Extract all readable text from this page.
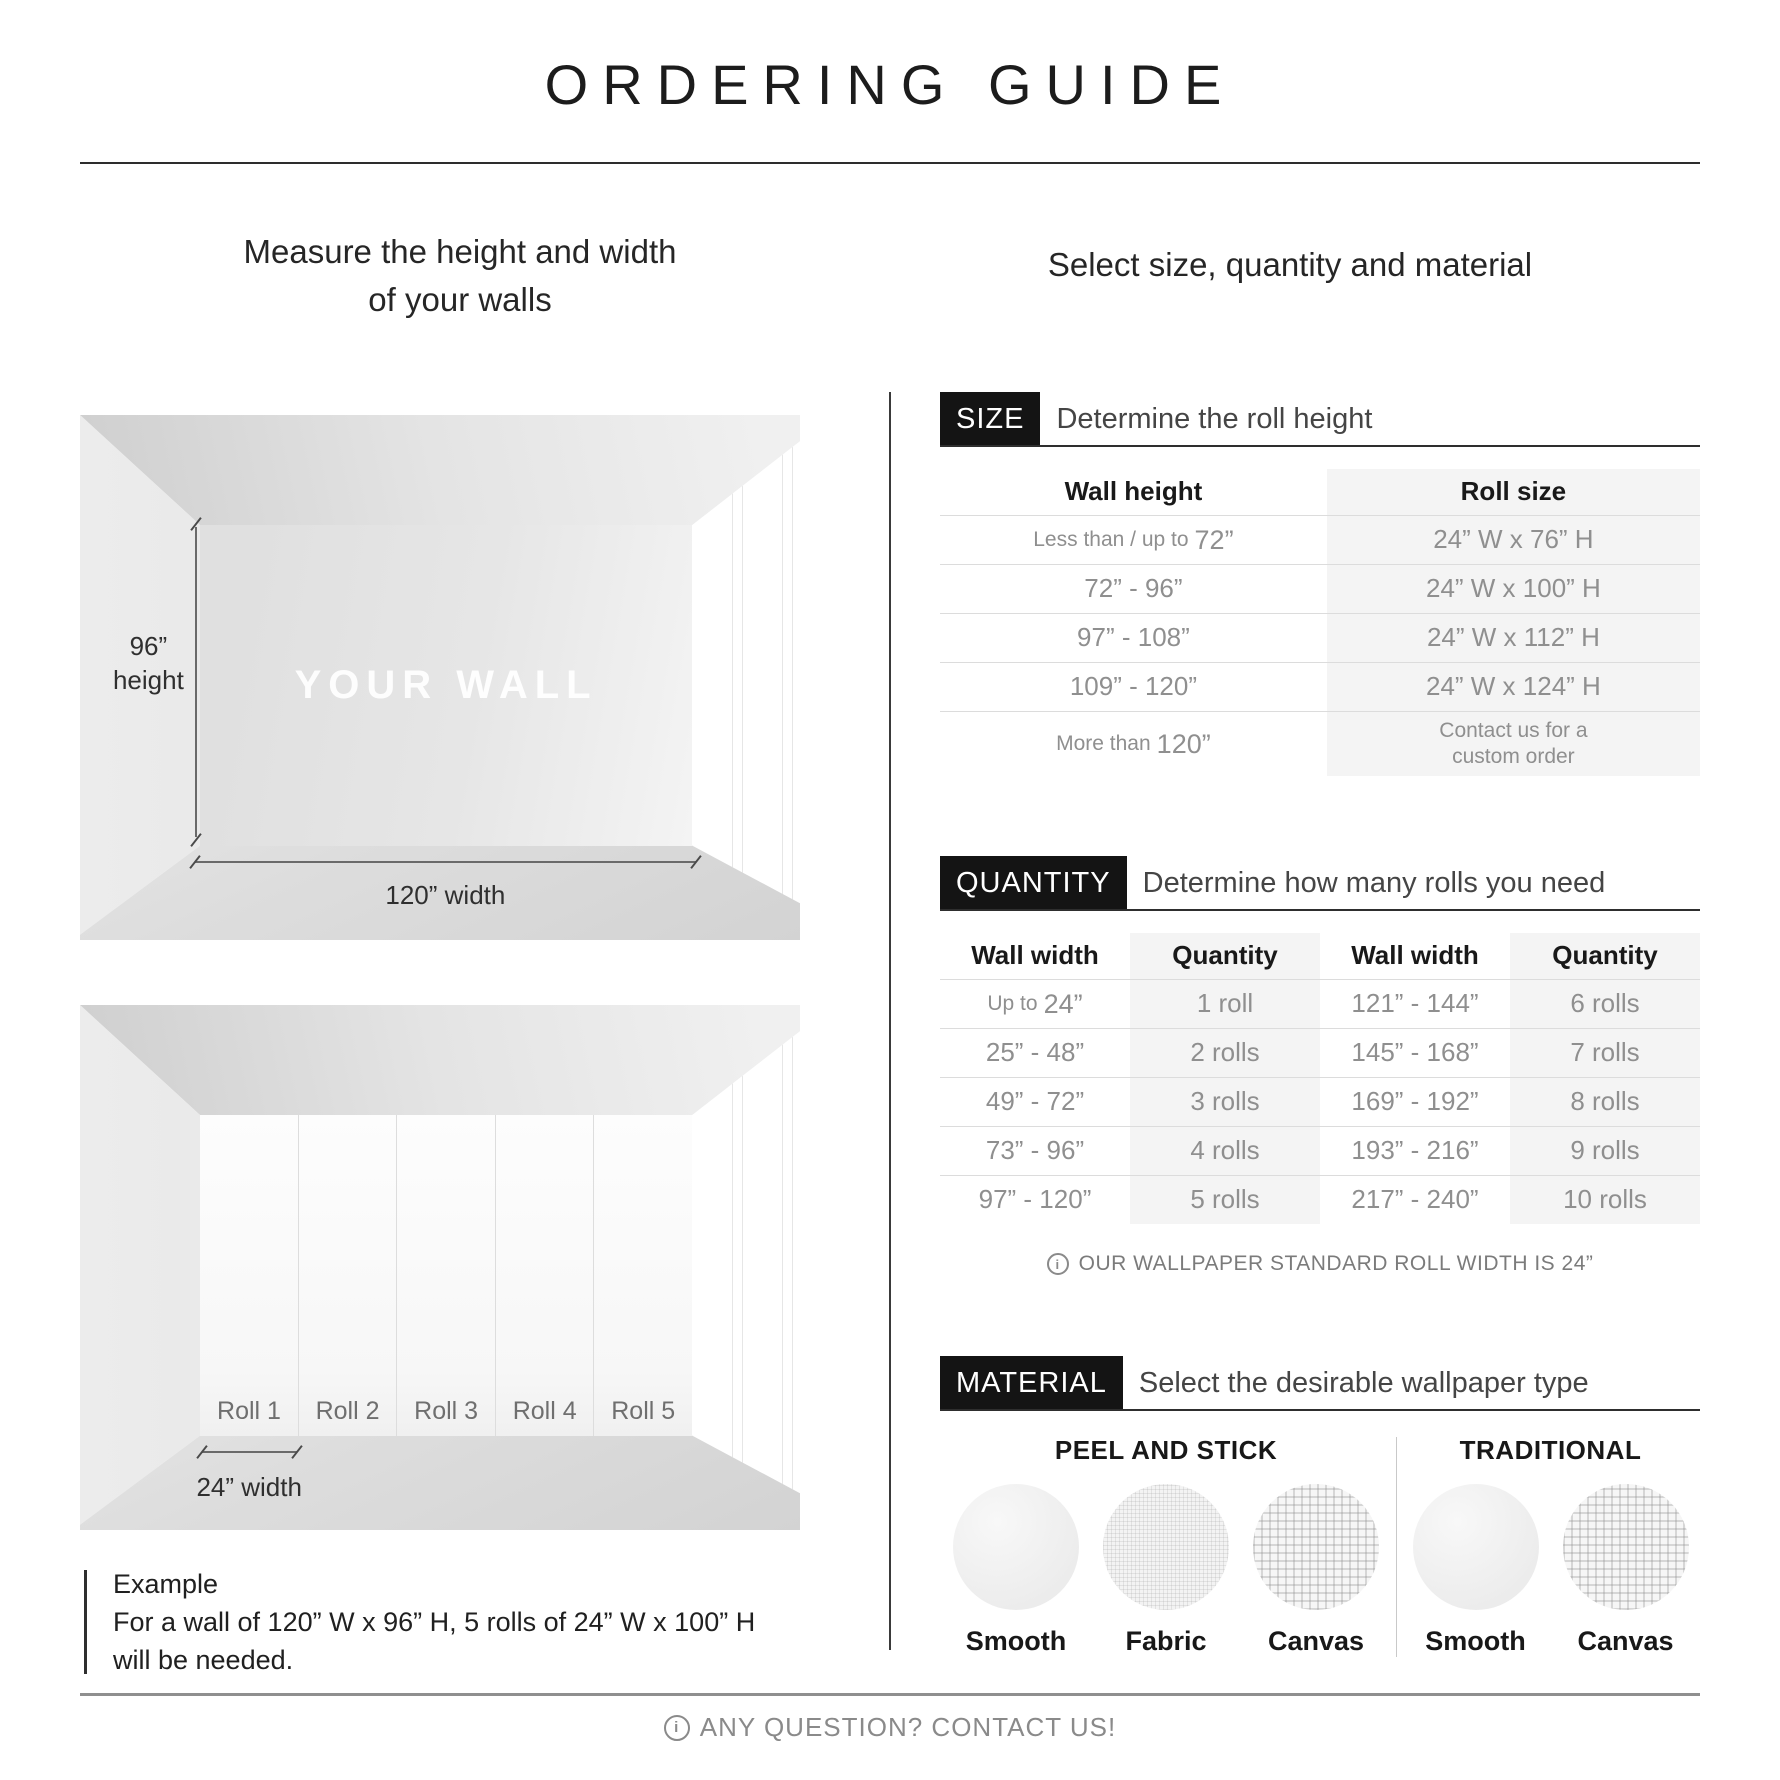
ORDERING GUIDE
Measure the height and width
of your walls
YOUR WALL
96”
height
120” width
Roll 1 Roll 2 Roll 3 Roll 4 Roll 5
24” width
Example
For a wall of 120” W x 96” H, 5 rolls of 24” W x 100” H
will be needed.
Select size, quantity and material
SIZE	Determine the roll height
Wall height	Roll size
Less than / up to 72”	24” W x 76” H
72” - 96”	24” W x 100” H
97” - 108”	24” W x 112” H
109” - 120”	24” W x 124” H
More than 120”	Contact us for a
custom order
QUANTITY	Determine how many rolls you need
Wall width	Quantity	Wall width	Quantity
Up to 24”	1 roll	121” - 144”	6 rolls
25” - 48”	2 rolls	145” - 168”	7 rolls
49” - 72”	3 rolls	169” - 192”	8 rolls
73” - 96”	4 rolls	193” - 216”	9 rolls
97” - 120”	5 rolls	217” - 240”	10 rolls
i OUR WALLPAPER STANDARD ROLL WIDTH IS 24”
MATERIAL	Select the desirable wallpaper type
PEEL AND STICK
Smooth Fabric Canvas
TRADITIONAL
Smooth Canvas
i ANY QUESTION? CONTACT US!
